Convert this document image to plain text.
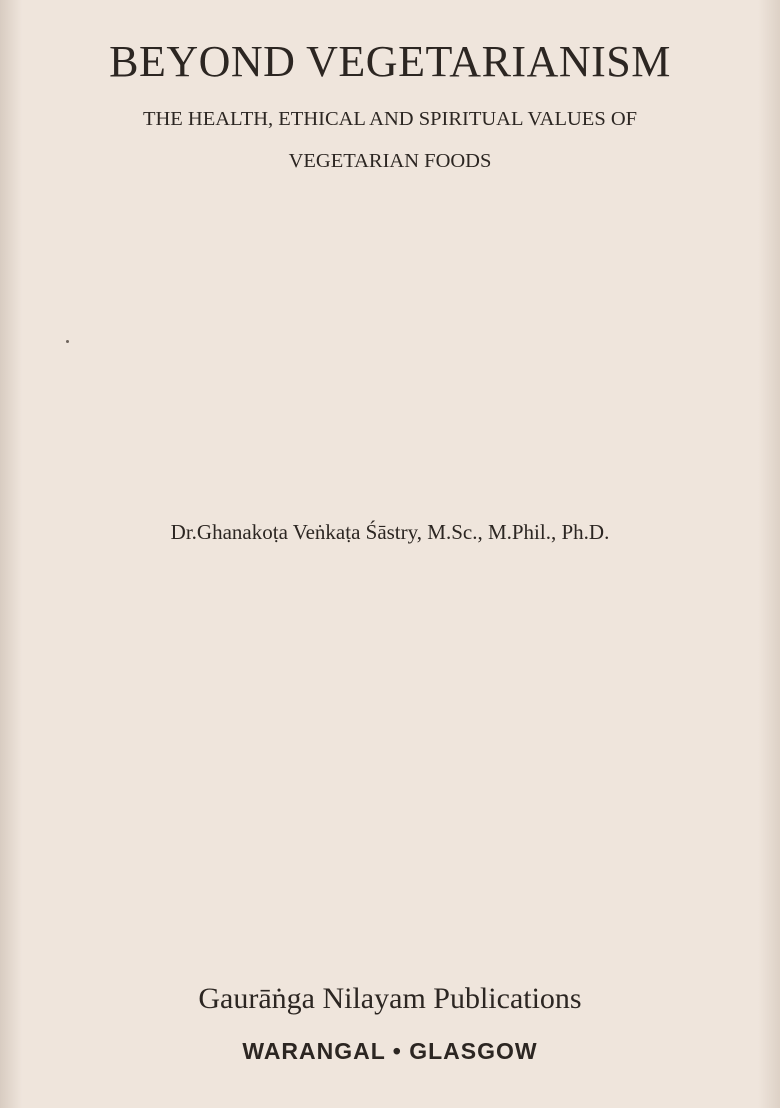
BEYOND VEGETARIANISM
THE HEALTH, ETHICAL AND SPIRITUAL VALUES OF
VEGETARIAN FOODS
Dr.Ghanakoṭa Veṅkaṭa Śāstry, M.Sc., M.Phil., Ph.D.
Gaurāṅga Nilayam Publications
WARANGAL • GLASGOW
